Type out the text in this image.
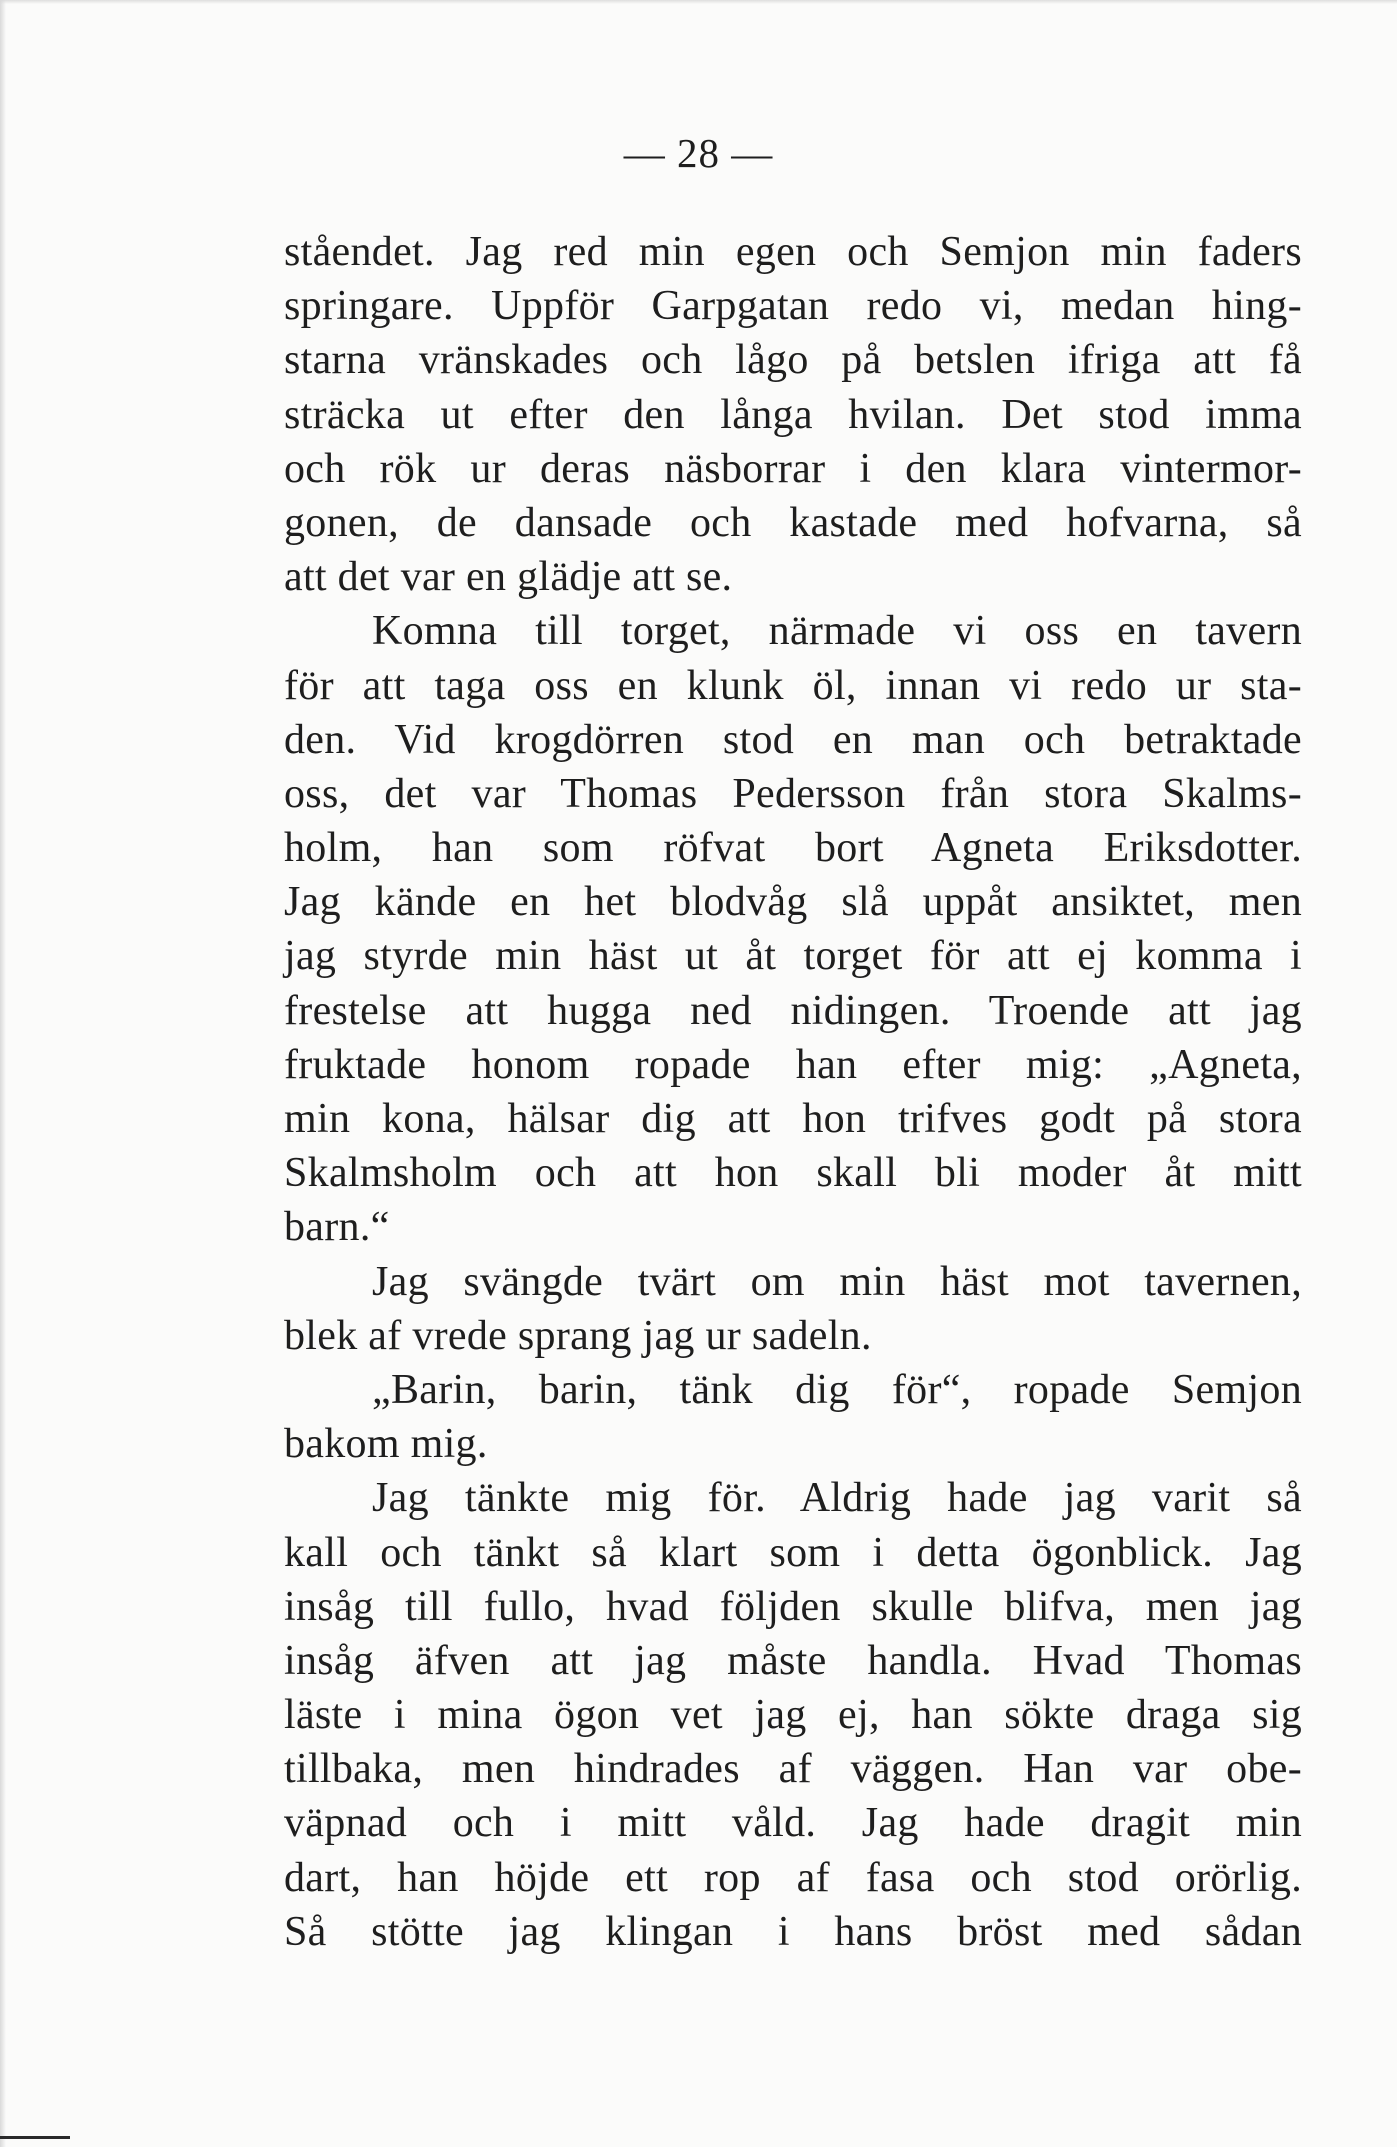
— 28 —
ståendet. Jag red min egen och Semjon min faders
springare. Uppför Garpgatan redo vi, medan hing-
starna vränskades och lågo på betslen ifriga att få
sträcka ut efter den långa hvilan. Det stod imma
och rök ur deras näsborrar i den klara vintermor-
gonen, de dansade och kastade med hofvarna, så
att det var en glädje att se.
Komna till torget, närmade vi oss en tavern
för att taga oss en klunk öl, innan vi redo ur sta-
den. Vid krogdörren stod en man och betraktade
oss, det var Thomas Pedersson från stora Skalms-
holm, han som röfvat bort Agneta Eriksdotter.
Jag kände en het blodvåg slå uppåt ansiktet, men
jag styrde min häst ut åt torget för att ej komma i
frestelse att hugga ned nidingen. Troende att jag
fruktade honom ropade han efter mig: „Agneta,
min kona, hälsar dig att hon trifves godt på stora
Skalmsholm och att hon skall bli moder åt mitt
barn.“
Jag svängde tvärt om min häst mot tavernen,
blek af vrede sprang jag ur sadeln.
„Barin, barin, tänk dig för“, ropade Semjon
bakom mig.
Jag tänkte mig för. Aldrig hade jag varit så
kall och tänkt så klart som i detta ögonblick. Jag
insåg till fullo, hvad följden skulle blifva, men jag
insåg äfven att jag måste handla. Hvad Thomas
läste i mina ögon vet jag ej, han sökte draga sig
tillbaka, men hindrades af väggen. Han var obe-
väpnad och i mitt våld. Jag hade dragit min
dart, han höjde ett rop af fasa och stod orörlig.
Så stötte jag klingan i hans bröst med sådan
